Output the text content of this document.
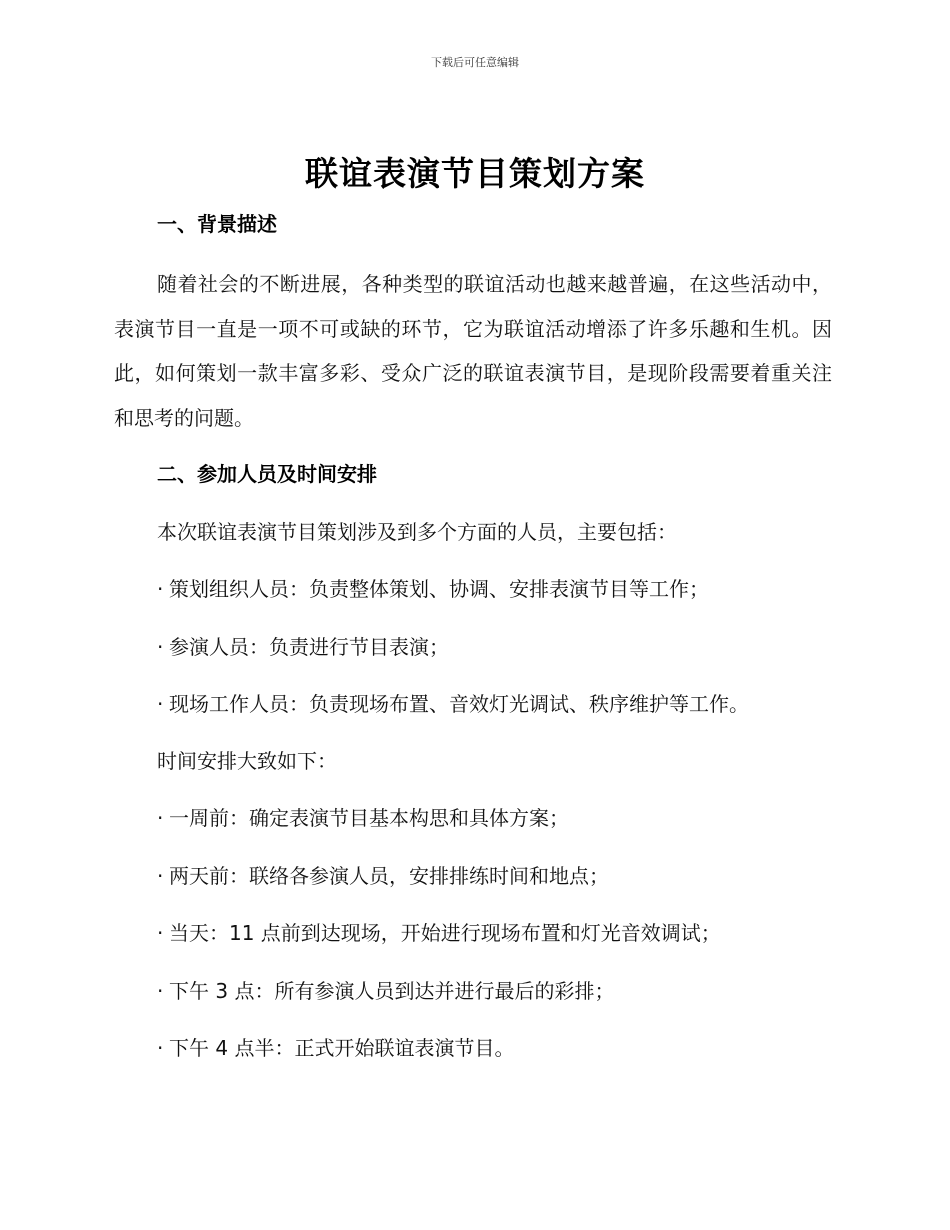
下载后可任意编辑
联谊表演节目策划方案
一、背景描述
随着社会的不断进展，各种类型的联谊活动也越来越普遍，在这些活动中，表演节目一直是一项不可或缺的环节，它为联谊活动增添了许多乐趣和生机。因此，如何策划一款丰富多彩、受众广泛的联谊表演节目，是现阶段需要着重关注和思考的问题。
二、参加人员及时间安排
本次联谊表演节目策划涉及到多个方面的人员，主要包括：
· 策划组织人员：负责整体策划、协调、安排表演节目等工作；
· 参演人员：负责进行节目表演；
· 现场工作人员：负责现场布置、音效灯光调试、秩序维护等工作。
时间安排大致如下：
· 一周前：确定表演节目基本构思和具体方案；
· 两天前：联络各参演人员，安排排练时间和地点；
· 当天：11 点前到达现场，开始进行现场布置和灯光音效调试；
· 下午 3 点：所有参演人员到达并进行最后的彩排；
· 下午 4 点半：正式开始联谊表演节目。
